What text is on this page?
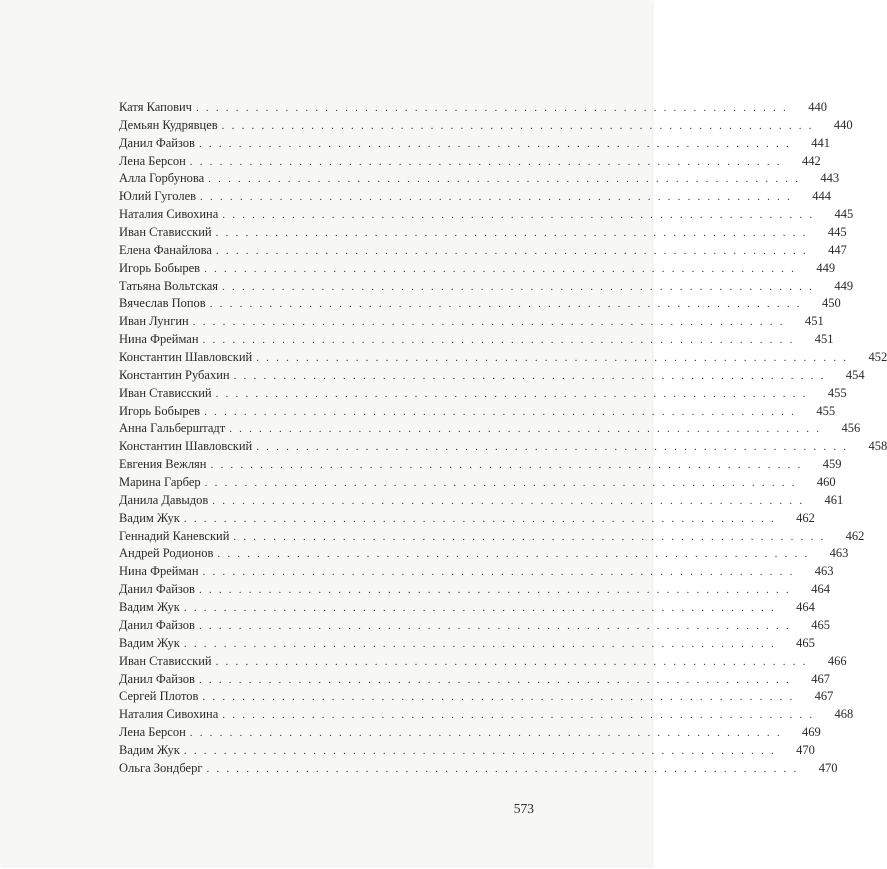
Катя Капович ............................................................	440
Демьян Кудрявцев ............................................................	440
Данил Файзов ............................................................	441
Лена Берсон ............................................................	442
Алла Горбунова ............................................................	443
Юлий Гуголев ............................................................	444
Наталия Сивохина ............................................................	445
Иван Стависский ............................................................	445
Елена Фанайлова ............................................................	447
Игорь Бобырев ............................................................	449
Татьяна Вольтская ............................................................	449
Вячеслав Попов ............................................................	450
Иван Лунгин ............................................................	451
Нина Фрейман ............................................................	451
Константин Шавловский ............................................................	452
Константин Рубахин ............................................................	454
Иван Стависский ............................................................	455
Игорь Бобырев ............................................................	455
Анна Гальберштадт ............................................................	456
Константин Шавловский ............................................................	458
Евгения Вежлян ............................................................	459
Марина Гарбер ............................................................	460
Данила Давыдов ............................................................	461
Вадим Жук ............................................................	462
Геннадий Каневский ............................................................	462
Андрей Родионов ............................................................	463
Нина Фрейман ............................................................	463
Данил Файзов ............................................................	464
Вадим Жук ............................................................	464
Данил Файзов ............................................................	465
Вадим Жук ............................................................	465
Иван Стависский ............................................................	466
Данил Файзов ............................................................	467
Сергей Плотов ............................................................	467
Наталия Сивохина ............................................................	468
Лена Берсон ............................................................	469
Вадим Жук ............................................................	470
Ольга Зондберг ............................................................	470
573
